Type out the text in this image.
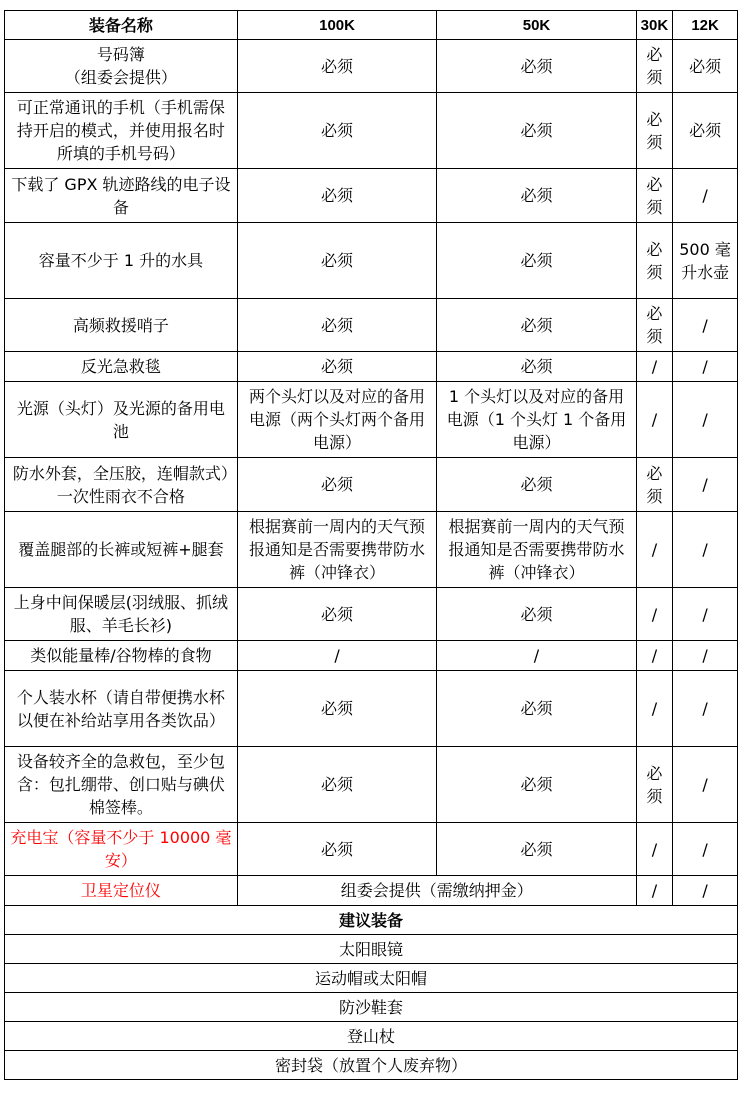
装备名称	100K	50K	30K	12K
号码簿
（组委会提供）	必须	必须	必须	必须
可正常通讯的手机（手机需保持开启的模式，并使用报名时所填的手机号码）	必须	必须	必须	必须
下载了 GPX 轨迹路线的电子设备	必须	必须	必须	/
容量不少于 1 升的水具	必须	必须	必须	500 毫升水壶
高频救援哨子	必须	必须	必须	/
反光急救毯	必须	必须	/	/
光源（头灯）及光源的备用电池	两个头灯以及对应的备用电源（两个头灯两个备用电源）	1 个头灯以及对应的备用电源（1 个头灯 1 个备用电源）	/	/
防水外套，全压胶，连帽款式）一次性雨衣不合格	必须	必须	必须	/
覆盖腿部的长裤或短裤+腿套	根据赛前一周内的天气预报通知是否需要携带防水裤（冲锋衣）	根据赛前一周内的天气预报通知是否需要携带防水裤（冲锋衣）	/	/
上身中间保暖层(羽绒服、抓绒服、羊毛长衫)	必须	必须	/	/
类似能量棒/谷物棒的食物	/	/	/	/
个人装水杯（请自带便携水杯以便在补给站享用各类饮品）	必须	必须	/	/
设备较齐全的急救包，至少包含：包扎绷带、创口贴与碘伏棉签棒。	必须	必须	必须	/
充电宝（容量不少于 10000 毫安）	必须	必须	/	/
卫星定位仪	组委会提供（需缴纳押金）		/	/
建议装备				
太阳眼镜				
运动帽或太阳帽				
防沙鞋套				
登山杖				
密封袋（放置个人废弃物）				
